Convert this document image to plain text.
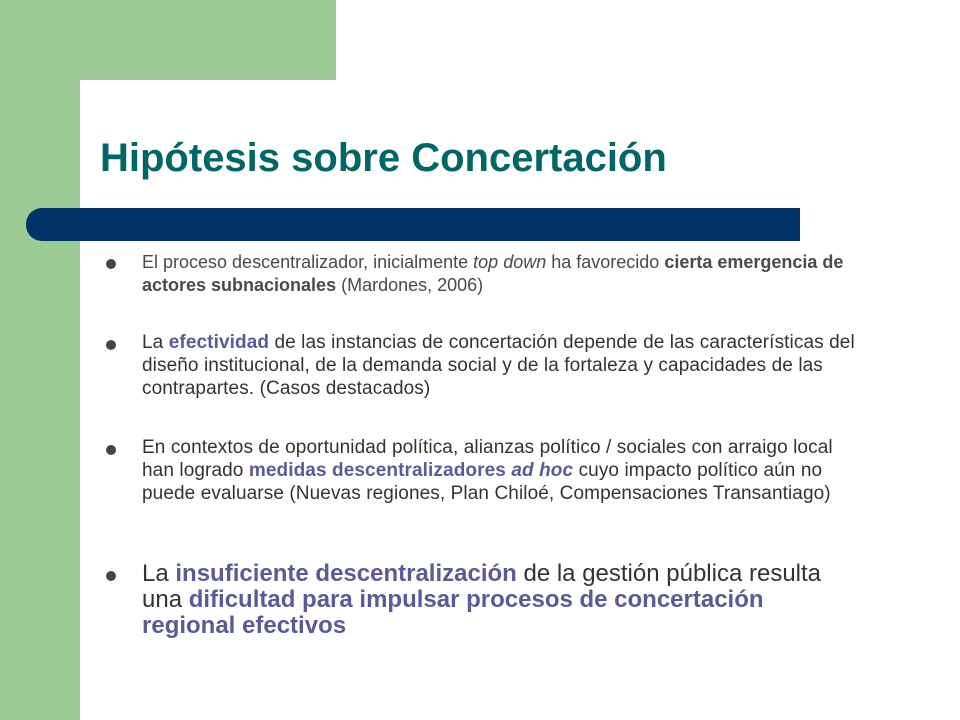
Hipótesis sobre Concertación
El proceso descentralizador, inicialmente top down ha favorecido cierta emergencia de actores subnacionales (Mardones, 2006)
La efectividad de las instancias de concertación depende de las características del diseño institucional, de la demanda social y de la fortaleza y capacidades de las contrapartes. (Casos destacados)
En contextos de oportunidad política, alianzas político / sociales con arraigo local han logrado medidas descentralizadores ad hoc cuyo impacto político aún no puede evaluarse (Nuevas regiones, Plan Chiloé, Compensaciones Transantiago)
La insuficiente descentralización de la gestión pública resulta una dificultad para impulsar procesos de concertación regional efectivos
